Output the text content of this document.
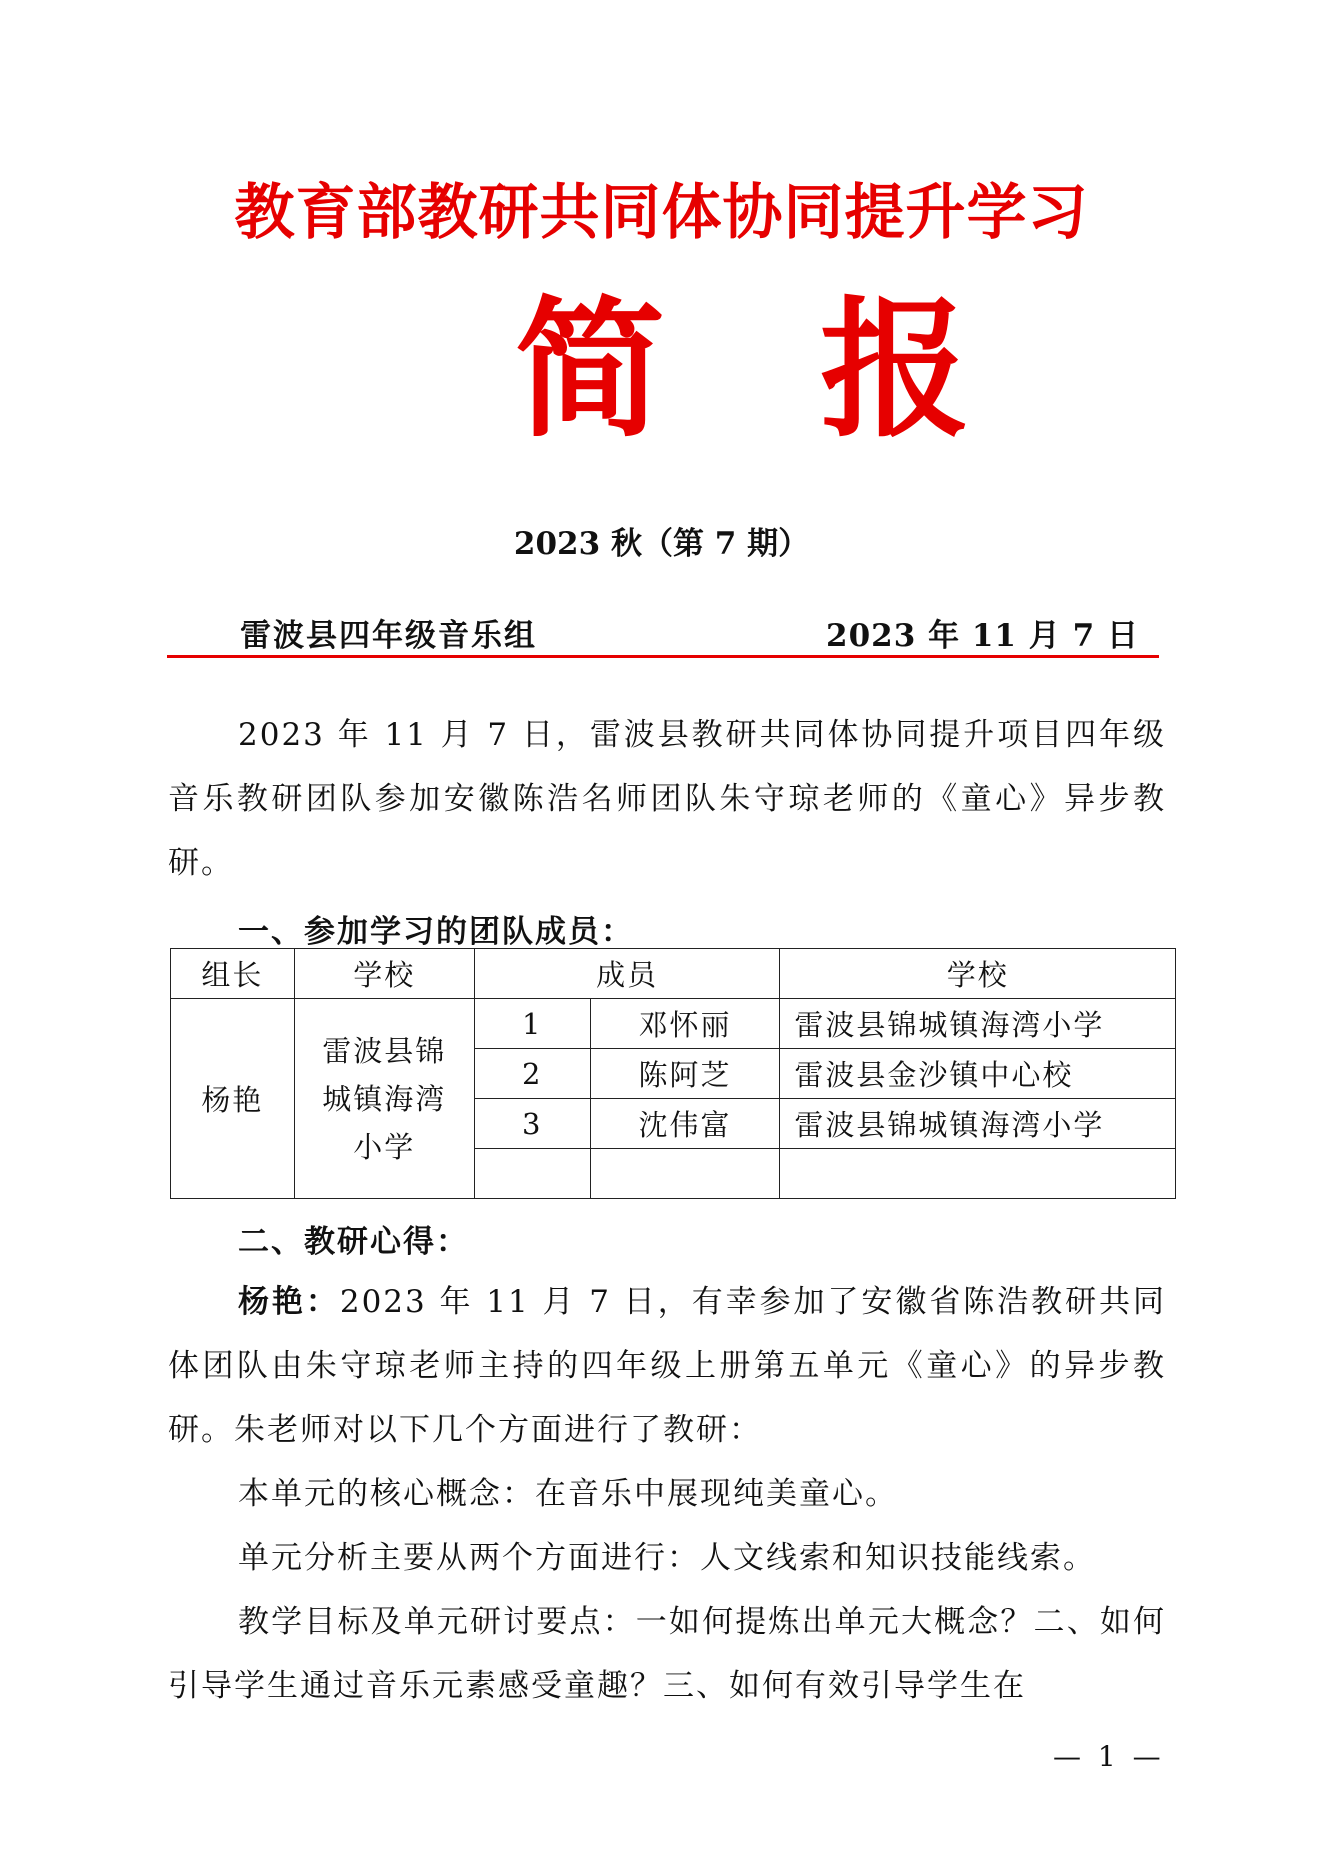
教育部教研共同体协同提升学习
简 报
2023 秋（第 7 期）
雷波县四年级音乐组	2023 年 11 月 7 日

2023 年 11 月 7 日，雷波县教研共同体协同提升项目四年级音乐教研团队参加安徽陈浩名师团队朱守琼老师的《童心》异步教研。

一、参加学习的团队成员：
组长	学校	成员		学校
杨艳	雷波县锦城镇海湾小学	1	邓怀丽	雷波县锦城镇海湾小学
		2	陈阿芝	雷波县金沙镇中心校
		3	沈伟富	雷波县锦城镇海湾小学

二、教研心得：

杨艳：2023 年 11 月 7 日，有幸参加了安徽省陈浩教研共同体团队由朱守琼老师主持的四年级上册第五单元《童心》的异步教研。朱老师对以下几个方面进行了教研：

本单元的核心概念：在音乐中展现纯美童心。

单元分析主要从两个方面进行：人文线索和知识技能线索。

教学目标及单元研讨要点：一如何提炼出单元大概念？二、如何引导学生通过音乐元素感受童趣？三、如何有效引导学生在

— 1 —
